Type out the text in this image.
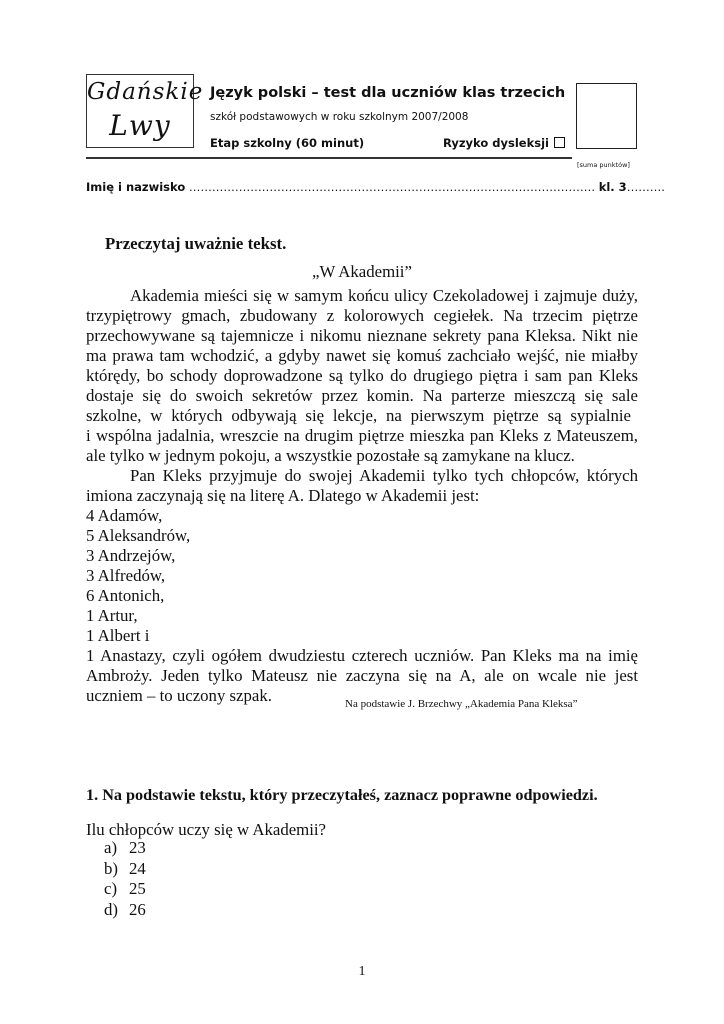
Gdańskie
Lwy
Język polski – test dla uczniów klas trzecich
szkół podstawowych w roku szkolnym 2007/2008
Etap szkolny (60 minut)	Ryzyko dysleksji
[suma punktów]
Imię i nazwisko ……………………………………………………………………………………………. kl. 3……….
Przeczytaj uważnie tekst.
„W Akademii”
Akademia mieści się w samym końcu ulicy Czekoladowej i zajmuje duży,
trzypiętrowy gmach, zbudowany z kolorowych cegiełek. Na trzecim piętrze
przechowywane są tajemnicze i nikomu nieznane sekrety pana Kleksa. Nikt nie
ma prawa tam wchodzić, a gdyby nawet się komuś zachciało wejść, nie miałby
którędy, bo schody doprowadzone są tylko do drugiego piętra i sam pan Kleks
dostaje się do swoich sekretów przez komin. Na parterze mieszczą się sale
szkolne, w których odbywają się lekcje, na pierwszym piętrze są sypialnie
i wspólna jadalnia, wreszcie na drugim piętrze mieszka pan Kleks z Mateuszem,
ale tylko w jednym pokoju, a wszystkie pozostałe są zamykane na klucz.
Pan Kleks przyjmuje do swojej Akademii tylko tych chłopców, których
imiona zaczynają się na literę A. Dlatego w Akademii jest:
4 Adamów,
5 Aleksandrów,
3 Andrzejów,
3 Alfredów,
6 Antonich,
1 Artur,
1 Albert i
1 Anastazy, czyli ogółem dwudziestu czterech uczniów. Pan Kleks ma na imię
Ambroży. Jeden tylko Mateusz nie zaczyna się na A, ale on wcale nie jest
uczniem – to uczony szpak.	Na podstawie J. Brzechwy „Akademia Pana Kleksa”
1. Na podstawie tekstu, który przeczytałeś, zaznacz poprawne odpowiedzi.
Ilu chłopców uczy się w Akademii?
a) 23
b) 24
c) 25
d) 26
1
